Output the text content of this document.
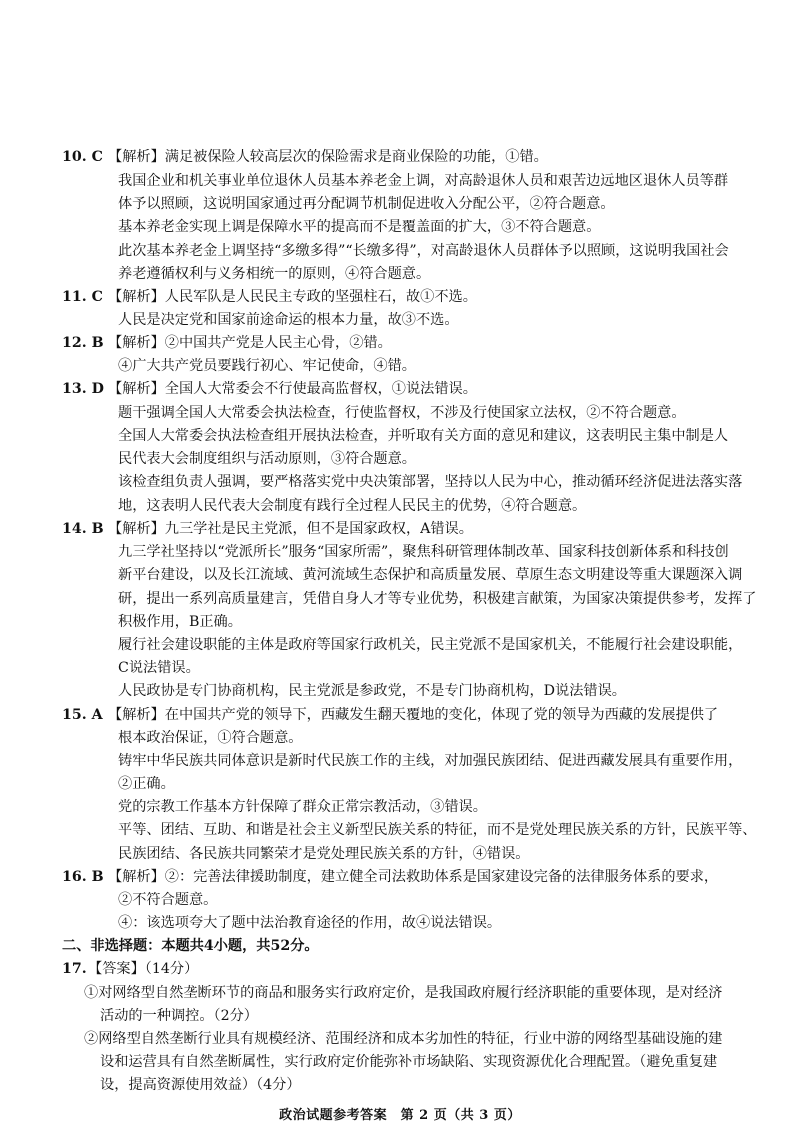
10. C 【解析】满足被保险人较高层次的保险需求是商业保险的功能，①错。
我国企业和机关事业单位退休人员基本养老金上调，对高龄退休人员和艰苦边远地区退休人员等群
体予以照顾，这说明国家通过再分配调节机制促进收入分配公平，②符合题意。
基本养老金实现上调是保障水平的提高而不是覆盖面的扩大，③不符合题意。
此次基本养老金上调坚持“多缴多得”“长缴多得”，对高龄退休人员群体予以照顾，这说明我国社会
养老遵循权利与义务相统一的原则，④符合题意。
11. C 【解析】人民军队是人民民主专政的坚强柱石，故①不选。
人民是决定党和国家前途命运的根本力量，故③不选。
12. B 【解析】②中国共产党是人民主心骨，②错。
④广大共产党员要践行初心、牢记使命，④错。
13. D 【解析】全国人大常委会不行使最高监督权，①说法错误。
题干强调全国人大常委会执法检查，行使监督权，不涉及行使国家立法权，②不符合题意。
全国人大常委会执法检查组开展执法检查，并听取有关方面的意见和建议，这表明民主集中制是人
民代表大会制度组织与活动原则，③符合题意。
该检查组负责人强调，要严格落实党中央决策部署，坚持以人民为中心，推动循环经济促进法落实落
地，这表明人民代表大会制度有践行全过程人民民主的优势，④符合题意。
14. B 【解析】九三学社是民主党派，但不是国家政权，A错误。
九三学社坚持以“党派所长”服务“国家所需”，聚焦科研管理体制改革、国家科技创新体系和科技创
新平台建设，以及长江流域、黄河流域生态保护和高质量发展、草原生态文明建设等重大课题深入调
研，提出一系列高质量建言，凭借自身人才等专业优势，积极建言献策，为国家决策提供参考，发挥了
积极作用，B正确。
履行社会建设职能的主体是政府等国家行政机关，民主党派不是国家机关，不能履行社会建设职能，
C说法错误。
人民政协是专门协商机构，民主党派是参政党，不是专门协商机构，D说法错误。
15. A 【解析】在中国共产党的领导下，西藏发生翻天覆地的变化，体现了党的领导为西藏的发展提供了
根本政治保证，①符合题意。
铸牢中华民族共同体意识是新时代民族工作的主线，对加强民族团结、促进西藏发展具有重要作用，
②正确。
党的宗教工作基本方针保障了群众正常宗教活动，③错误。
平等、团结、互助、和谐是社会主义新型民族关系的特征，而不是党处理民族关系的方针，民族平等、
民族团结、各民族共同繁荣才是党处理民族关系的方针，④错误。
16. B 【解析】②：完善法律援助制度，建立健全司法救助体系是国家建设完备的法律服务体系的要求，
②不符合题意。
④：该选项夸大了题中法治教育途径的作用，故④说法错误。
二、非选择题：本题共4小题，共52分。
17. 【答案】（14分）
①对网络型自然垄断环节的商品和服务实行政府定价，是我国政府履行经济职能的重要体现，是对经济
活动的一种调控。（2分）
②网络型自然垄断行业具有规模经济、范围经济和成本劣加性的特征，行业中游的网络型基础设施的建
设和运营具有自然垄断属性，实行政府定价能弥补市场缺陷、实现资源优化合理配置。（避免重复建
设，提高资源使用效益）（4分）
政治试题参考答案　第 2 页（共 3 页）
